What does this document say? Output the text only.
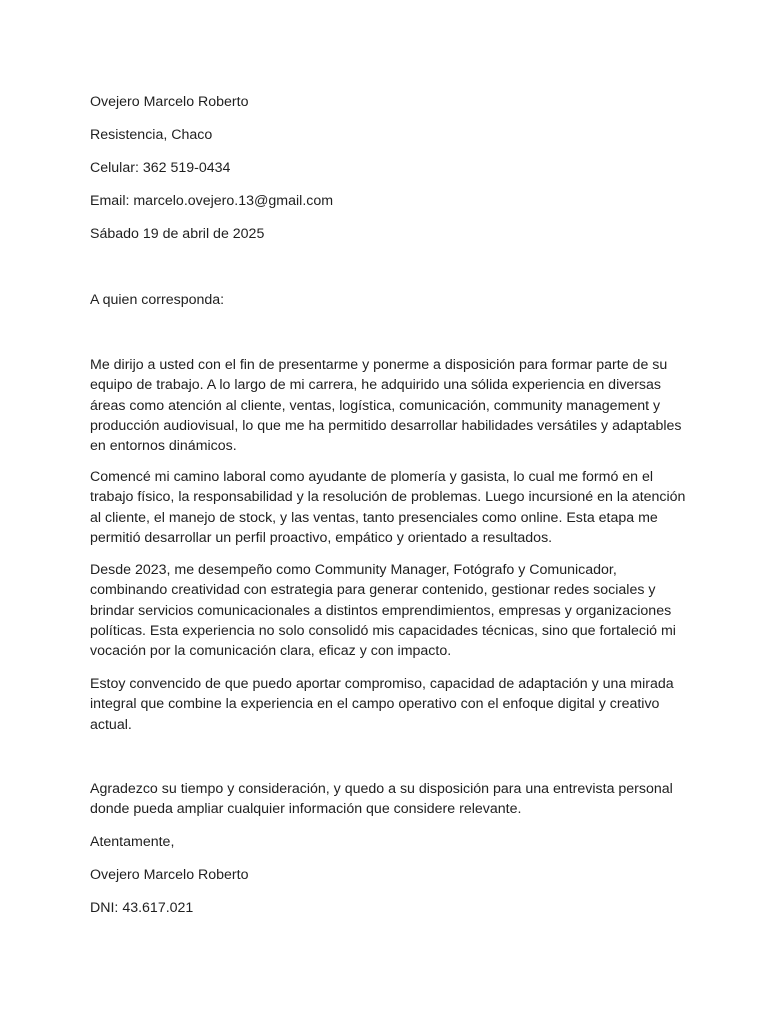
Ovejero Marcelo Roberto

Resistencia, Chaco

Celular: 362 519-0434

Email: marcelo.ovejero.13@gmail.com

Sábado 19 de abril de 2025

A quien corresponda:

Me dirijo a usted con el fin de presentarme y ponerme a disposición para formar parte de su
equipo de trabajo. A lo largo de mi carrera, he adquirido una sólida experiencia en diversas
áreas como atención al cliente, ventas, logística, comunicación, community management y
producción audiovisual, lo que me ha permitido desarrollar habilidades versátiles y adaptables
en entornos dinámicos.
Comencé mi camino laboral como ayudante de plomería y gasista, lo cual me formó en el
trabajo físico, la responsabilidad y la resolución de problemas. Luego incursioné en la atención
al cliente, el manejo de stock, y las ventas, tanto presenciales como online. Esta etapa me
permitió desarrollar un perfil proactivo, empático y orientado a resultados.
Desde 2023, me desempeño como Community Manager, Fotógrafo y Comunicador,
combinando creatividad con estrategia para generar contenido, gestionar redes sociales y
brindar servicios comunicacionales a distintos emprendimientos, empresas y organizaciones
políticas. Esta experiencia no solo consolidó mis capacidades técnicas, sino que fortaleció mi
vocación por la comunicación clara, eficaz y con impacto.
Estoy convencido de que puedo aportar compromiso, capacidad de adaptación y una mirada
integral que combine la experiencia en el campo operativo con el enfoque digital y creativo
actual.
Agradezco su tiempo y consideración, y quedo a su disposición para una entrevista personal
donde pueda ampliar cualquier información que considere relevante.

Atentamente,

Ovejero Marcelo Roberto

DNI: 43.617.021
